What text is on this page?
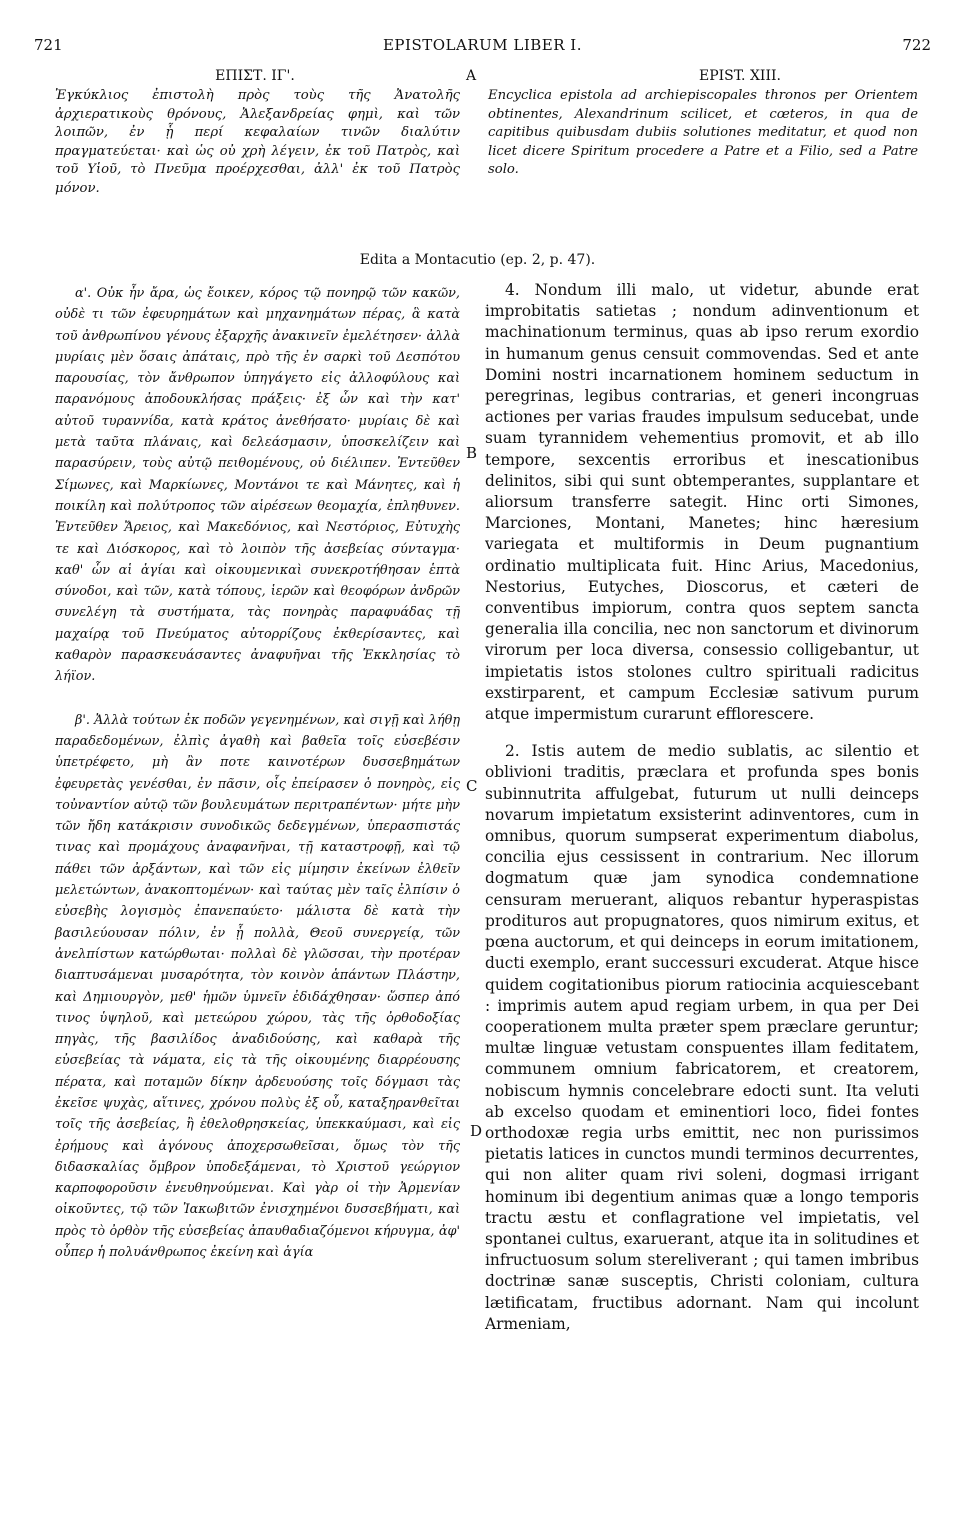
721	EPISTOLARUM LIBER I.	722
ΕΠΙΣΤ. ΙΓ'.	A	EPIST. XIII.
Ἐγκύκλιος ἐπιστολὴ πρὸς τοὺς τῆς Ἀνατολῆς ἀρχιερατικοὺς θρόνους, Ἀλεξανδρείας φημὶ, καὶ τῶν λοιπῶν, ἐν ᾗ περί κεφαλαίων τινῶν διαλύτιν πραγματεύεται· καὶ ὡς οὐ χρὴ λέγειν, ἐκ τοῦ Πατρὸς, καὶ τοῦ Υἱοῦ, τὸ Πνεῦμα προέρχεσθαι, ἀλλ' ἐκ τοῦ Πατρὸς μόνον.
Encyclica epistola ad archiepiscopales thronos per Orientem obtinentes, Alexandrinum scilicet, et cœteros, in qua de capitibus quibusdam dubiis solutiones meditatur, et quod non licet dicere Spiritum procedere a Patre et a Filio, sed a Patre solo.
Edita a Montacutio (ep. 2, p. 47).

α'. Οὐκ ἦν ἄρα, ὡς ἔοικεν, κόρος τῷ πονηρῷ τῶν κακῶν, οὐδὲ τι τῶν ἐφευρημάτων καὶ μηχανημάτων πέρας, ἃ κατὰ τοῦ ἀνθρωπίνου γένους ἐξαρχῆς ἀνακινεῖν ἐμελέτησεν· ἀλλὰ μυρίαις μὲν ὅσαις ἀπάταις, πρὸ τῆς ἐν σαρκὶ τοῦ Δεσπότου παρουσίας, τὸν ἄνθρωπον ὑπηγάγετο εἰς ἀλλοφύλους καὶ παρανόμους ἀποδουκλήσας πράξεις· ἐξ ὧν καὶ τὴν κατ' αὐτοῦ τυραννίδα, κατὰ κράτος ἀνεθήσατο· μυρίαις δὲ καὶ μετὰ ταῦτα πλάναις, καὶ δελεάσμασιν, ὑποσκελίζειν καὶ παρασύρειν, τοὺς αὐτῷ πειθομένους, οὐ διέλιπεν. Ἐντεῦθεν Σίμωνες, καὶ Μαρκίωνες, Μοντάνοι τε καὶ Μάνητες, καὶ ἡ ποικίλη καὶ πολύτροπος τῶν αἱρέσεων θεομαχία, ἐπληθυνεν. Ἐντεῦθεν Ἄρειος, καὶ Μακεδόνιος, καὶ Νεστόριος, Εὐτυχὴς τε καὶ Διόσκορος, καὶ τὸ λοιπὸν τῆς ἀσεβείας σύνταγμα· καθ' ὧν αἱ ἁγίαι καὶ οἰκουμενικαὶ συνεκροτήθησαν ἑπτὰ σύνοδοι, καὶ τῶν, κατὰ τόπους, ἱερῶν καὶ θεοφόρων ἀνδρῶν συνελέγη τὰ συστήματα, τὰς πονηρὰς παραφυάδας τῇ μαχαίρᾳ τοῦ Πνεύματος αὐτορρίζους ἐκθερίσαντες, καὶ καθαρὸν παρασκευάσαντες ἀναφυῆναι τῆς Ἐκκλησίας τὸ λήϊον.

β'. Ἀλλὰ τούτων ἐκ ποδῶν γεγενημένων, καὶ σιγῇ καὶ λήθῃ παραδεδομένων, ἐλπὶς ἀγαθὴ καὶ βαθεῖα τοῖς εὐσεβέσιν ὑπετρέφετο, μὴ ἂν ποτε καινοτέρων δυσσεβημάτων ἐφευρετὰς γενέσθαι, ἐν πᾶσιν, οἷς ἐπείρασεν ὁ πονηρὸς, εἰς τοὐναντίον αὐτῷ τῶν βουλευμάτων περιτραπέντων· μήτε μὴν τῶν ἤδη κατάκρισιν συνοδικῶς δεδεγμένων, ὑπερασπιστάς τινας καὶ προμάχους ἀναφανῆναι, τῇ καταστροφῇ, καὶ τῷ πάθει τῶν ἀρξάντων, καὶ τῶν εἰς μίμησιν ἐκείνων ἐλθεῖν μελετώντων, ἀνακοπτομένων· καὶ ταύτας μὲν ταῖς ἐλπίσιν ὁ εὐσεβὴς λογισμὸς ἐπανεπαύετο· μάλιστα δὲ κατὰ τὴν βασιλεύουσαν πόλιν, ἐν ᾗ πολλὰ, Θεοῦ συνεργείᾳ, τῶν ἀνελπίστων κατώρθωται· πολλαὶ δὲ γλῶσσαι, τὴν προτέραν διαπτυσάμεναι μυσαρότητα, τὸν κοινὸν ἁπάντων Πλάστην, καὶ Δημιουργὸν, μεθ' ἡμῶν ὑμνεῖν ἐδιδάχθησαν· ὥσπερ ἀπό τινος ὑψηλοῦ, καὶ μετεώρου χώρου, τὰς τῆς ὀρθοδοξίας πηγὰς, τῆς βασιλίδος ἀναδιδούσης, καὶ καθαρὰ τῆς εὐσεβείας τὰ νάματα, εἰς τὰ τῆς οἰκουμένης διαρρέουσης πέρατα, καὶ ποταμῶν δίκην ἀρδευούσης τοῖς δόγμασι τὰς ἐκεῖσε ψυχὰς, αἵτινες, χρόνου πολὺς ἐξ οὗ, καταξηρανθεῖται τοῖς τῆς ἀσεβείας, ἢ ἐθελοθρησκείας, ὑπεκκαύμασι, καὶ εἰς ἐρήμους καὶ ἀγόνους ἀποχερσωθεῖσαι, ὅμως τὸν τῆς διδασκαλίας ὄμβρον ὑποδεξάμεναι, τὸ Χριστοῦ γεώργιον καρποφοροῦσιν ἐνευθηνούμεναι. Καὶ γὰρ οἱ τὴν Ἀρμενίαν οἰκοῦντες, τῷ τῶν Ἰακωβιτῶν ἐνισχημένοι δυσσεβήματι, καὶ πρὸς τὸ ὀρθὸν τῆς εὐσεβείας ἀπαυθαδιαζόμενοι κήρυγμα, ἀφ' οὗπερ ἡ πολυάνθρωπος ἐκείνη καὶ ἁγία

4. Nondum illi malo, ut videtur, abunde erat improbitatis satietas ; nondum adinventionum et machinationum terminus, quas ab ipso rerum exordio in humanum genus censuit commovendas. Sed et ante Domini nostri incarnationem hominem seductum in peregrinas, legibus contrarias, et generi incongruas actiones per varias fraudes impulsum seducebat, unde suam tyrannidem vehementius promovit, et ab illo tempore, sexcentis erroribus et inescationibus delinitos, sibi qui sunt obtemperantes, supplantare et aliorsum transferre sategit. Hinc orti Simones, Marciones, Montani, Manetes; hinc hæresium variegata et multiformis in Deum pugnantium ordinatio multiplicata fuit. Hinc Arius, Macedonius, Nestorius, Eutyches, Dioscorus, et cæteri de conventibus impiorum, contra quos septem sancta generalia illa concilia, nec non sanctorum et divinorum virorum per loca diversa, consessio colligebantur, ut impietatis istos stolones cultro spirituali radicitus exstirparent, et campum Ecclesiæ sativum purum atque impermistum curarunt efflorescere.

2. Istis autem de medio sublatis, ac silentio et oblivioni traditis, præclara et profunda spes bonis subinnutrita affulgebat, futurum ut nulli deinceps novarum impietatum exsisterint adinventores, cum in omnibus, quorum sumpserat experimentum diabolus, concilia ejus cessissent in contrarium. Nec illorum dogmatum quæ jam synodica condemnatione censuram meruerant, aliquos rebantur hyperaspistas prodituros aut propugnatores, quos nimirum exitus, et pœna auctorum, et qui deinceps in eorum imitationem, ducti exemplo, erant successuri excuderat. Atque hisce quidem cogitationibus piorum ratiocinia acquiescebant : imprimis autem apud regiam urbem, in qua per Dei cooperationem multa præter spem præclare geruntur; multæ linguæ vetustam conspuentes illam feditatem, communem omnium fabricatorem, et creatorem, nobiscum hymnis concelebrare edocti sunt. Ita veluti ab excelso quodam et eminentiori loco, fidei fontes orthodoxæ regia urbs emittit, nec non purissimos pietatis latices in cunctos mundi terminos decurrentes, qui non aliter quam rivi soleni, dogmasi irrigant hominum ibi degentium animas quæ a longo temporis tractu æstu et conflagratione vel impietatis, vel spontanei cultus, exaruerant, atque ita in solitudines et infructuosum solum stereliverant ; qui tamen imbribus doctrinæ sanæ susceptis, Christi coloniam, cultura lætificatam, fructibus adornant. Nam qui incolunt Armeniam,

B
C
D
